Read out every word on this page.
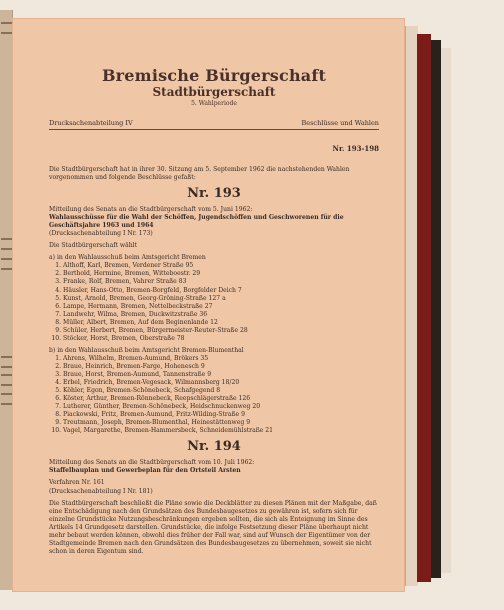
Bremische Bürgerschaft
Stadtbürgerschaft
5. Wahlperiode
Drucksachenabteilung IV	Beschlüsse und Wahlen
Nr. 193-198

Die Stadtbürgerschaft hat in ihrer 30. Sitzung am 5. September 1962 die nachstehenden Wahlen vorgenommen und folgende Beschlüsse gefaßt:

Nr. 193

Mitteilung des Senats an die Stadtbürgerschaft vom 5. Juni 1962:

Wahlausschüsse für die Wahl der Schöffen, Jugendschöffen und Geschworenen für die Geschäftsjahre 1963 und 1964

(Drucksachenabteilung I Nr. 173)

Die Stadtbürgerschaft wählt

a) in den Wahlausschuß beim Amtsgericht Bremen

1. Althoff, Karl, Bremen, Verdener Straße 95
2. Berthold, Hermine, Bremen, Witteboestr. 29
3. Franke, Rolf, Bremen, Vahrer Straße 83
4. Häusler, Hans-Otto, Bremen-Borgfeld, Borgfelder Deich 7
5. Kunst, Arnold, Bremen, Georg-Gröning-Straße 127 a
6. Lampe, Hermann, Bremen, Nettelbeckstraße 27
7. Landwehr, Wilma, Bremen, Duckwitzstraße 36
8. Müller, Albert, Bremen, Auf dem Beginenlande 12
9. Schüler, Herbert, Bremen, Bürgermeister-Reuter-Straße 28
10. Stöcker, Horst, Bremen, Oberstraße 78

b) in den Wahlausschuß beim Amtsgericht Bremen-Blumenthal

1. Ahrens, Wilhelm, Bremen-Aumund, Brökers 35
2. Braue, Heinrich, Bremen-Farge, Hohenesch 9
3. Braue, Horst, Bremen-Aumund, Tannenstraße 9
4. Erbel, Friedrich, Bremen-Vegesack, Wilmannsberg 18/20
5. Köhler, Egon, Bremen-Schönebeck, Schafgegend 8
6. Köster, Arthur, Bremen-Rönnebeck, Reepschlägerstraße 126
7. Lutherer, Günther, Bremen-Schönebeck, Heidschnuckenweg 20
8. Piackowski, Fritz, Bremen-Aumund, Fritz-Wilding-Straße 9
9. Treutmann, Joseph, Bremen-Blumenthal, Heinestättenweg 9
10. Vagel, Margarethe, Bremen-Hammersbeck, Schneidemühlstraße 21
Nr. 194

Mitteilung des Senats an die Stadtbürgerschaft vom 10. Juli 1962:

Staffelbauplan und Gewerbeplan für den Ortsteil Arsten

Verfahren Nr. 161

(Drucksachenabteilung I Nr. 181)

Die Stadtbürgerschaft beschließt die Pläne sowie die Deckblätter zu diesen Plänen mit der Maßgabe, daß eine Entschädigung nach den Grundsätzen des Bundesbaugesetzes zu gewähren ist, sofern sich für einzelne Grundstücke Nutzungsbeschränkungen ergeben sollten, die sich als Enteignung im Sinne des Artikels 14 Grundgesetz darstellen. Grundstücke, die infolge Festsetzung dieser Pläne überhaupt nicht mehr bebaut werden können, obwohl dies früher der Fall war, sind auf Wunsch der Eigentümer von der Stadtgemeinde Bremen nach den Grundsätzen des Bundesbaugesetzes zu übernehmen, soweit sie nicht schon in deren Eigentum sind.
